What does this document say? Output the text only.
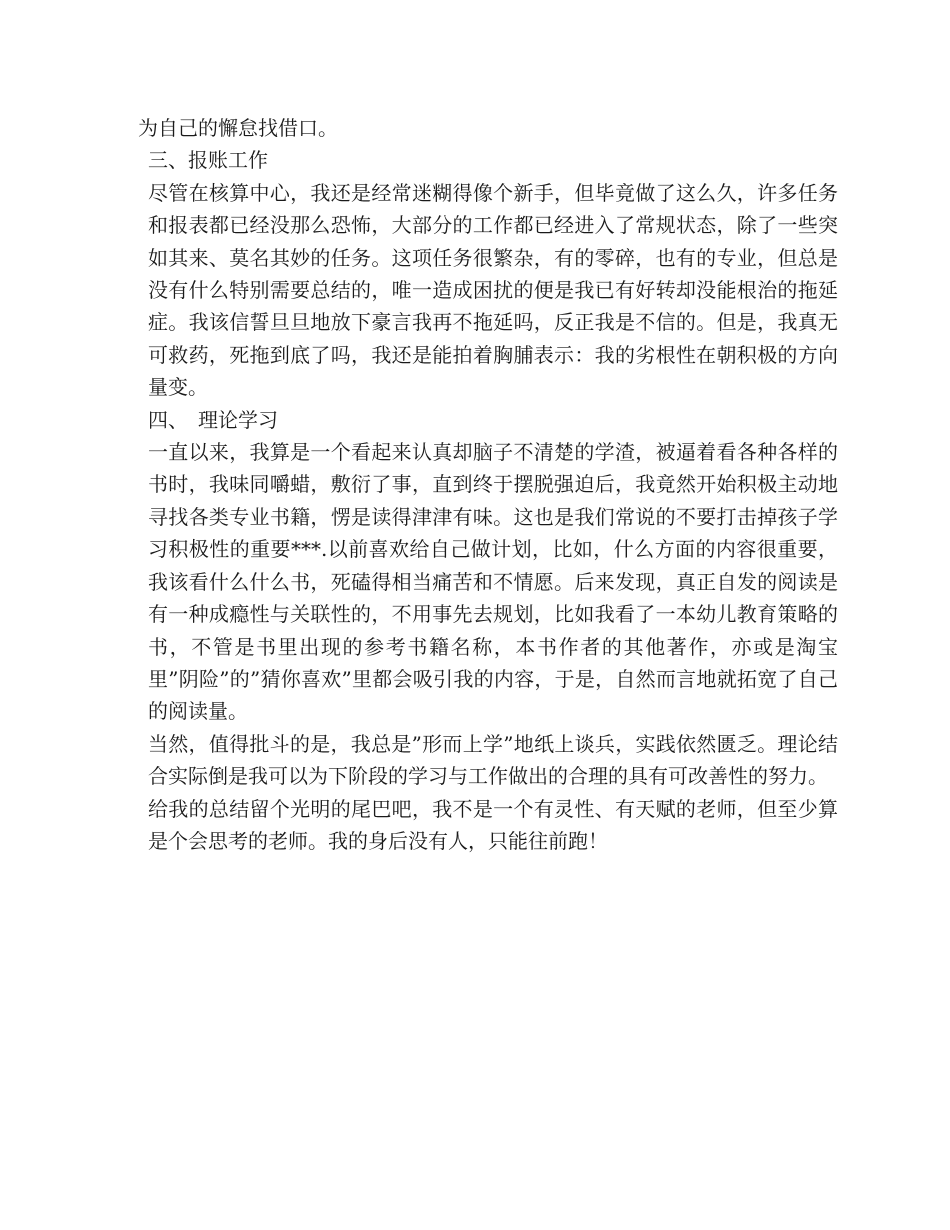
为自己的懈怠找借口。

三、报账工作

尽管在核算中心，我还是经常迷糊得像个新手，但毕竟做了这么久，许多任务和报表都已经没那么恐怖，大部分的工作都已经进入了常规状态，除了一些突如其来、莫名其妙的任务。这项任务很繁杂，有的零碎，也有的专业，但总是没有什么特别需要总结的，唯一造成困扰的便是我已有好转却没能根治的拖延症。我该信誓旦旦地放下豪言我再不拖延吗，反正我是不信的。但是，我真无可救药，死拖到底了吗，我还是能拍着胸脯表示：我的劣根性在朝积极的方向量变。

四、　理论学习

一直以来，我算是一个看起来认真却脑子不清楚的学渣，被逼着看各种各样的书时，我味同嚼蜡，敷衍了事，直到终于摆脱强迫后，我竟然开始积极主动地寻找各类专业书籍，愣是读得津津有味。这也是我们常说的不要打击掉孩子学习积极性的重要***.以前喜欢给自己做计划，比如，什么方面的内容很重要，我该看什么什么书，死磕得相当痛苦和不情愿。后来发现，真正自发的阅读是有一种成瘾性与关联性的，不用事先去规划，比如我看了一本幼儿教育策略的书，不管是书里出现的参考书籍名称，本书作者的其他著作，亦或是淘宝里”阴险”的”猜你喜欢”里都会吸引我的内容，于是，自然而言地就拓宽了自己的阅读量。

当然，值得批斗的是，我总是”形而上学”地纸上谈兵，实践依然匮乏。理论结合实际倒是我可以为下阶段的学习与工作做出的合理的具有可改善性的努力。

给我的总结留个光明的尾巴吧，我不是一个有灵性、有天赋的老师，但至少算是个会思考的老师。我的身后没有人，只能往前跑！
